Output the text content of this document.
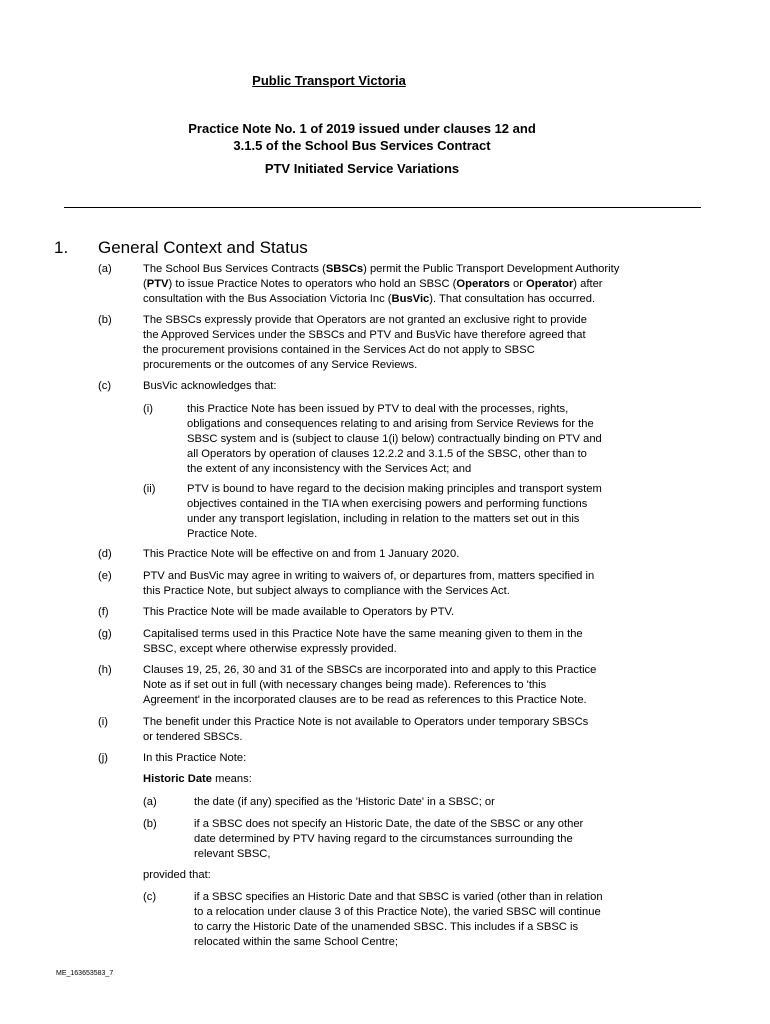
Public Transport Victoria
Practice Note No. 1 of 2019 issued under clauses 12 and
3.1.5 of the School Bus Services Contract
PTV Initiated Service Variations
1. General Context and Status
(a)	The School Bus Services Contracts (SBSCs) permit the Public Transport Development Authority
(PTV) to issue Practice Notes to operators who hold an SBSC (Operators or Operator) after
consultation with the Bus Association Victoria Inc (BusVic). That consultation has occurred.
(b)	The SBSCs expressly provide that Operators are not granted an exclusive right to provide
the Approved Services under the SBSCs and PTV and BusVic have therefore agreed that
the procurement provisions contained in the Services Act do not apply to SBSC
procurements or the outcomes of any Service Reviews.
(c)	BusVic acknowledges that:
(i)	this Practice Note has been issued by PTV to deal with the processes, rights,
obligations and consequences relating to and arising from Service Reviews for the
SBSC system and is (subject to clause 1(i) below) contractually binding on PTV and
all Operators by operation of clauses 12.2.2 and 3.1.5 of the SBSC, other than to
the extent of any inconsistency with the Services Act; and
(ii)	PTV is bound to have regard to the decision making principles and transport system
objectives contained in the TIA when exercising powers and performing functions
under any transport legislation, including in relation to the matters set out in this
Practice Note.
(d)	This Practice Note will be effective on and from 1 January 2020.
(e)	PTV and BusVic may agree in writing to waivers of, or departures from, matters specified in
this Practice Note, but subject always to compliance with the Services Act.
(f)	This Practice Note will be made available to Operators by PTV.
(g)	Capitalised terms used in this Practice Note have the same meaning given to them in the
SBSC, except where otherwise expressly provided.
(h)	Clauses 19, 25, 26, 30 and 31 of the SBSCs are incorporated into and apply to this Practice
Note as if set out in full (with necessary changes being made). References to 'this
Agreement' in the incorporated clauses are to be read as references to this Practice Note.
(i)	The benefit under this Practice Note is not available to Operators under temporary SBSCs
or tendered SBSCs.
(j)	In this Practice Note:
Historic Date means:
(a)	the date (if any) specified as the 'Historic Date' in a SBSC; or
(b)	if a SBSC does not specify an Historic Date, the date of the SBSC or any other
date determined by PTV having regard to the circumstances surrounding the
relevant SBSC,
provided that:
(c)	if a SBSC specifies an Historic Date and that SBSC is varied (other than in relation
to a relocation under clause 3 of this Practice Note), the varied SBSC will continue
to carry the Historic Date of the unamended SBSC. This includes if a SBSC is
relocated within the same School Centre;
ME_163653583_7
